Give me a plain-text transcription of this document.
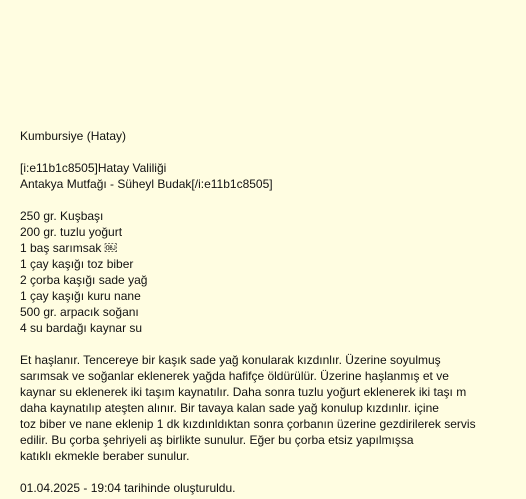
Kumbursiye (Hatay)
[i:e11b1c8505]Hatay Valiliği
Antakya Mutfağı - Süheyl Budak[/i:e11b1c8505]
250 gr. Kuşbaşı
200 gr. tuzlu yoğurt
1 baş sarımsak ￼
1 çay kaşığı toz biber
2 çorba kaşığı sade yağ
1 çay kaşığı kuru nane
500 gr. arpacık soğanı
4 su bardağı kaynar su
Et haşlanır. Tencereye bir kaşık sade yağ konularak kızdınlır. Üzerine soyulmuş
sarımsak ve soğanlar eklenerek yağda hafifçe öldürülür. Üzerine haşlanmış et ve
kaynar su eklenerek iki taşım kaynatılır. Daha sonra tuzlu yoğurt eklenerek iki taşı m
daha kaynatılıp ateşten alınır. Bir tavaya kalan sade yağ konulup kızdınlır. içine
toz biber ve nane eklenip 1 dk kızdınldıktan sonra çorbanın üzerine gezdirilerek servis
edilir. Bu çorba şehriyeli aş birlikte sunulur. Eğer bu çorba etsiz yapılmışsa
katıklı ekmekle beraber sunulur.
01.04.2025 - 19:04 tarihinde oluşturuldu.
